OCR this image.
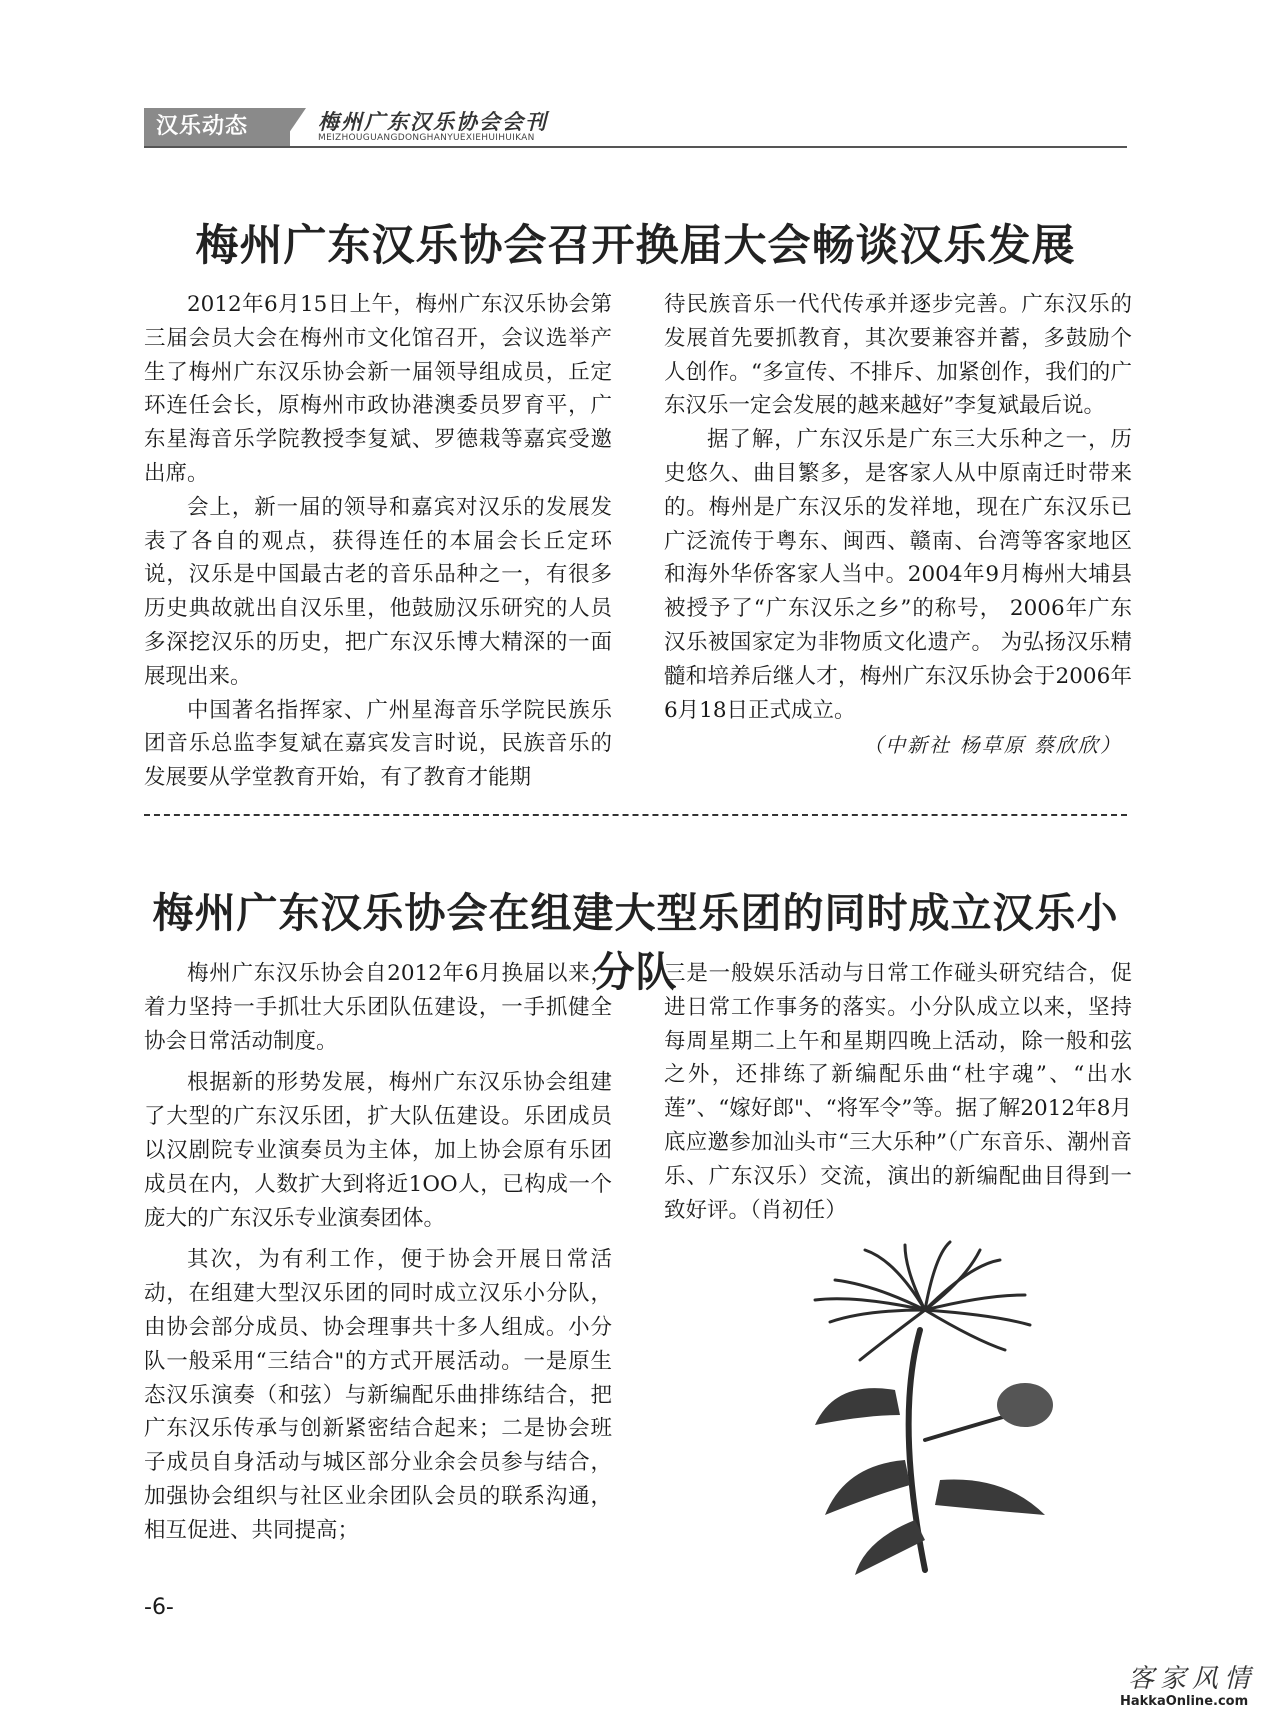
汉乐动态	梅州广东汉乐协会会刊
MEIZHOUGUANGDONGHANYUEXIEHUIHUIKAN
梅州广东汉乐协会召开换届大会畅谈汉乐发展

2012年6月15日上午，梅州广东汉乐协会第三届会员大会在梅州市文化馆召开，会议选举产生了梅州广东汉乐协会新一届领导组成员，丘定环连任会长，原梅州市政协港澳委员罗育平，广东星海音乐学院教授李复斌、罗德栽等嘉宾受邀出席。

会上，新一届的领导和嘉宾对汉乐的发展发表了各自的观点，获得连任的本届会长丘定环说，汉乐是中国最古老的音乐品种之一，有很多历史典故就出自汉乐里，他鼓励汉乐研究的人员多深挖汉乐的历史，把广东汉乐博大精深的一面展现出来。

中国著名指挥家、广州星海音乐学院民族乐团音乐总监李复斌在嘉宾发言时说，民族音乐的发展要从学堂教育开始，有了教育才能期

待民族音乐一代代传承并逐步完善。广东汉乐的发展首先要抓教育，其次要兼容并蓄，多鼓励个人创作。“多宣传、不排斥、加紧创作，我们的广东汉乐一定会发展的越来越好”李复斌最后说。

据了解，广东汉乐是广东三大乐种之一，历史悠久、曲目繁多，是客家人从中原南迁时带来的。梅州是广东汉乐的发祥地，现在广东汉乐已广泛流传于粤东、闽西、赣南、台湾等客家地区和海外华侨客家人当中。2004年9月梅州大埔县被授予了“广东汉乐之乡”的称号， 2006年广东汉乐被国家定为非物质文化遗产。 为弘扬汉乐精髓和培养后继人才，梅州广东汉乐协会于2006年6月18日正式成立。

（中新社 杨草原 蔡欣欣）
梅州广东汉乐协会在组建大型乐团的同时成立汉乐小分队

梅州广东汉乐协会自2012年6月换届以来，着力坚持一手抓壮大乐团队伍建设，一手抓健全协会日常活动制度。

根据新的形势发展，梅州广东汉乐协会组建了大型的广东汉乐团，扩大队伍建设。乐团成员以汉剧院专业演奏员为主体，加上协会原有乐团成员在内，人数扩大到将近1OO人，已构成一个庞大的广东汉乐专业演奏团体。

其次，为有利工作，便于协会开展日常活动，在组建大型汉乐团的同时成立汉乐小分队，由协会部分成员、协会理事共十多人组成。小分队一般采用“三结合"的方式开展活动。一是原生态汉乐演奏（和弦）与新编配乐曲排练结合，把广东汉乐传承与创新紧密结合起来；二是协会班子成员自身活动与城区部分业余会员参与结合，加强协会组织与社区业余团队会员的联系沟通，相互促进、共同提高；

三是一般娱乐活动与日常工作碰头研究结合，促进日常工作事务的落实。小分队成立以来，坚持每周星期二上午和星期四晚上活动，除一般和弦之外，还排练了新编配乐曲“杜宇魂”、“出水莲”、“嫁好郎"、“将军令”等。据了解2012年8月底应邀参加汕头市“三大乐种”（广东音乐、潮州音乐、广东汉乐）交流，演出的新编配曲目得到一致好评。（肖初任）

-6-
客家风情
HakkaOnline.com
